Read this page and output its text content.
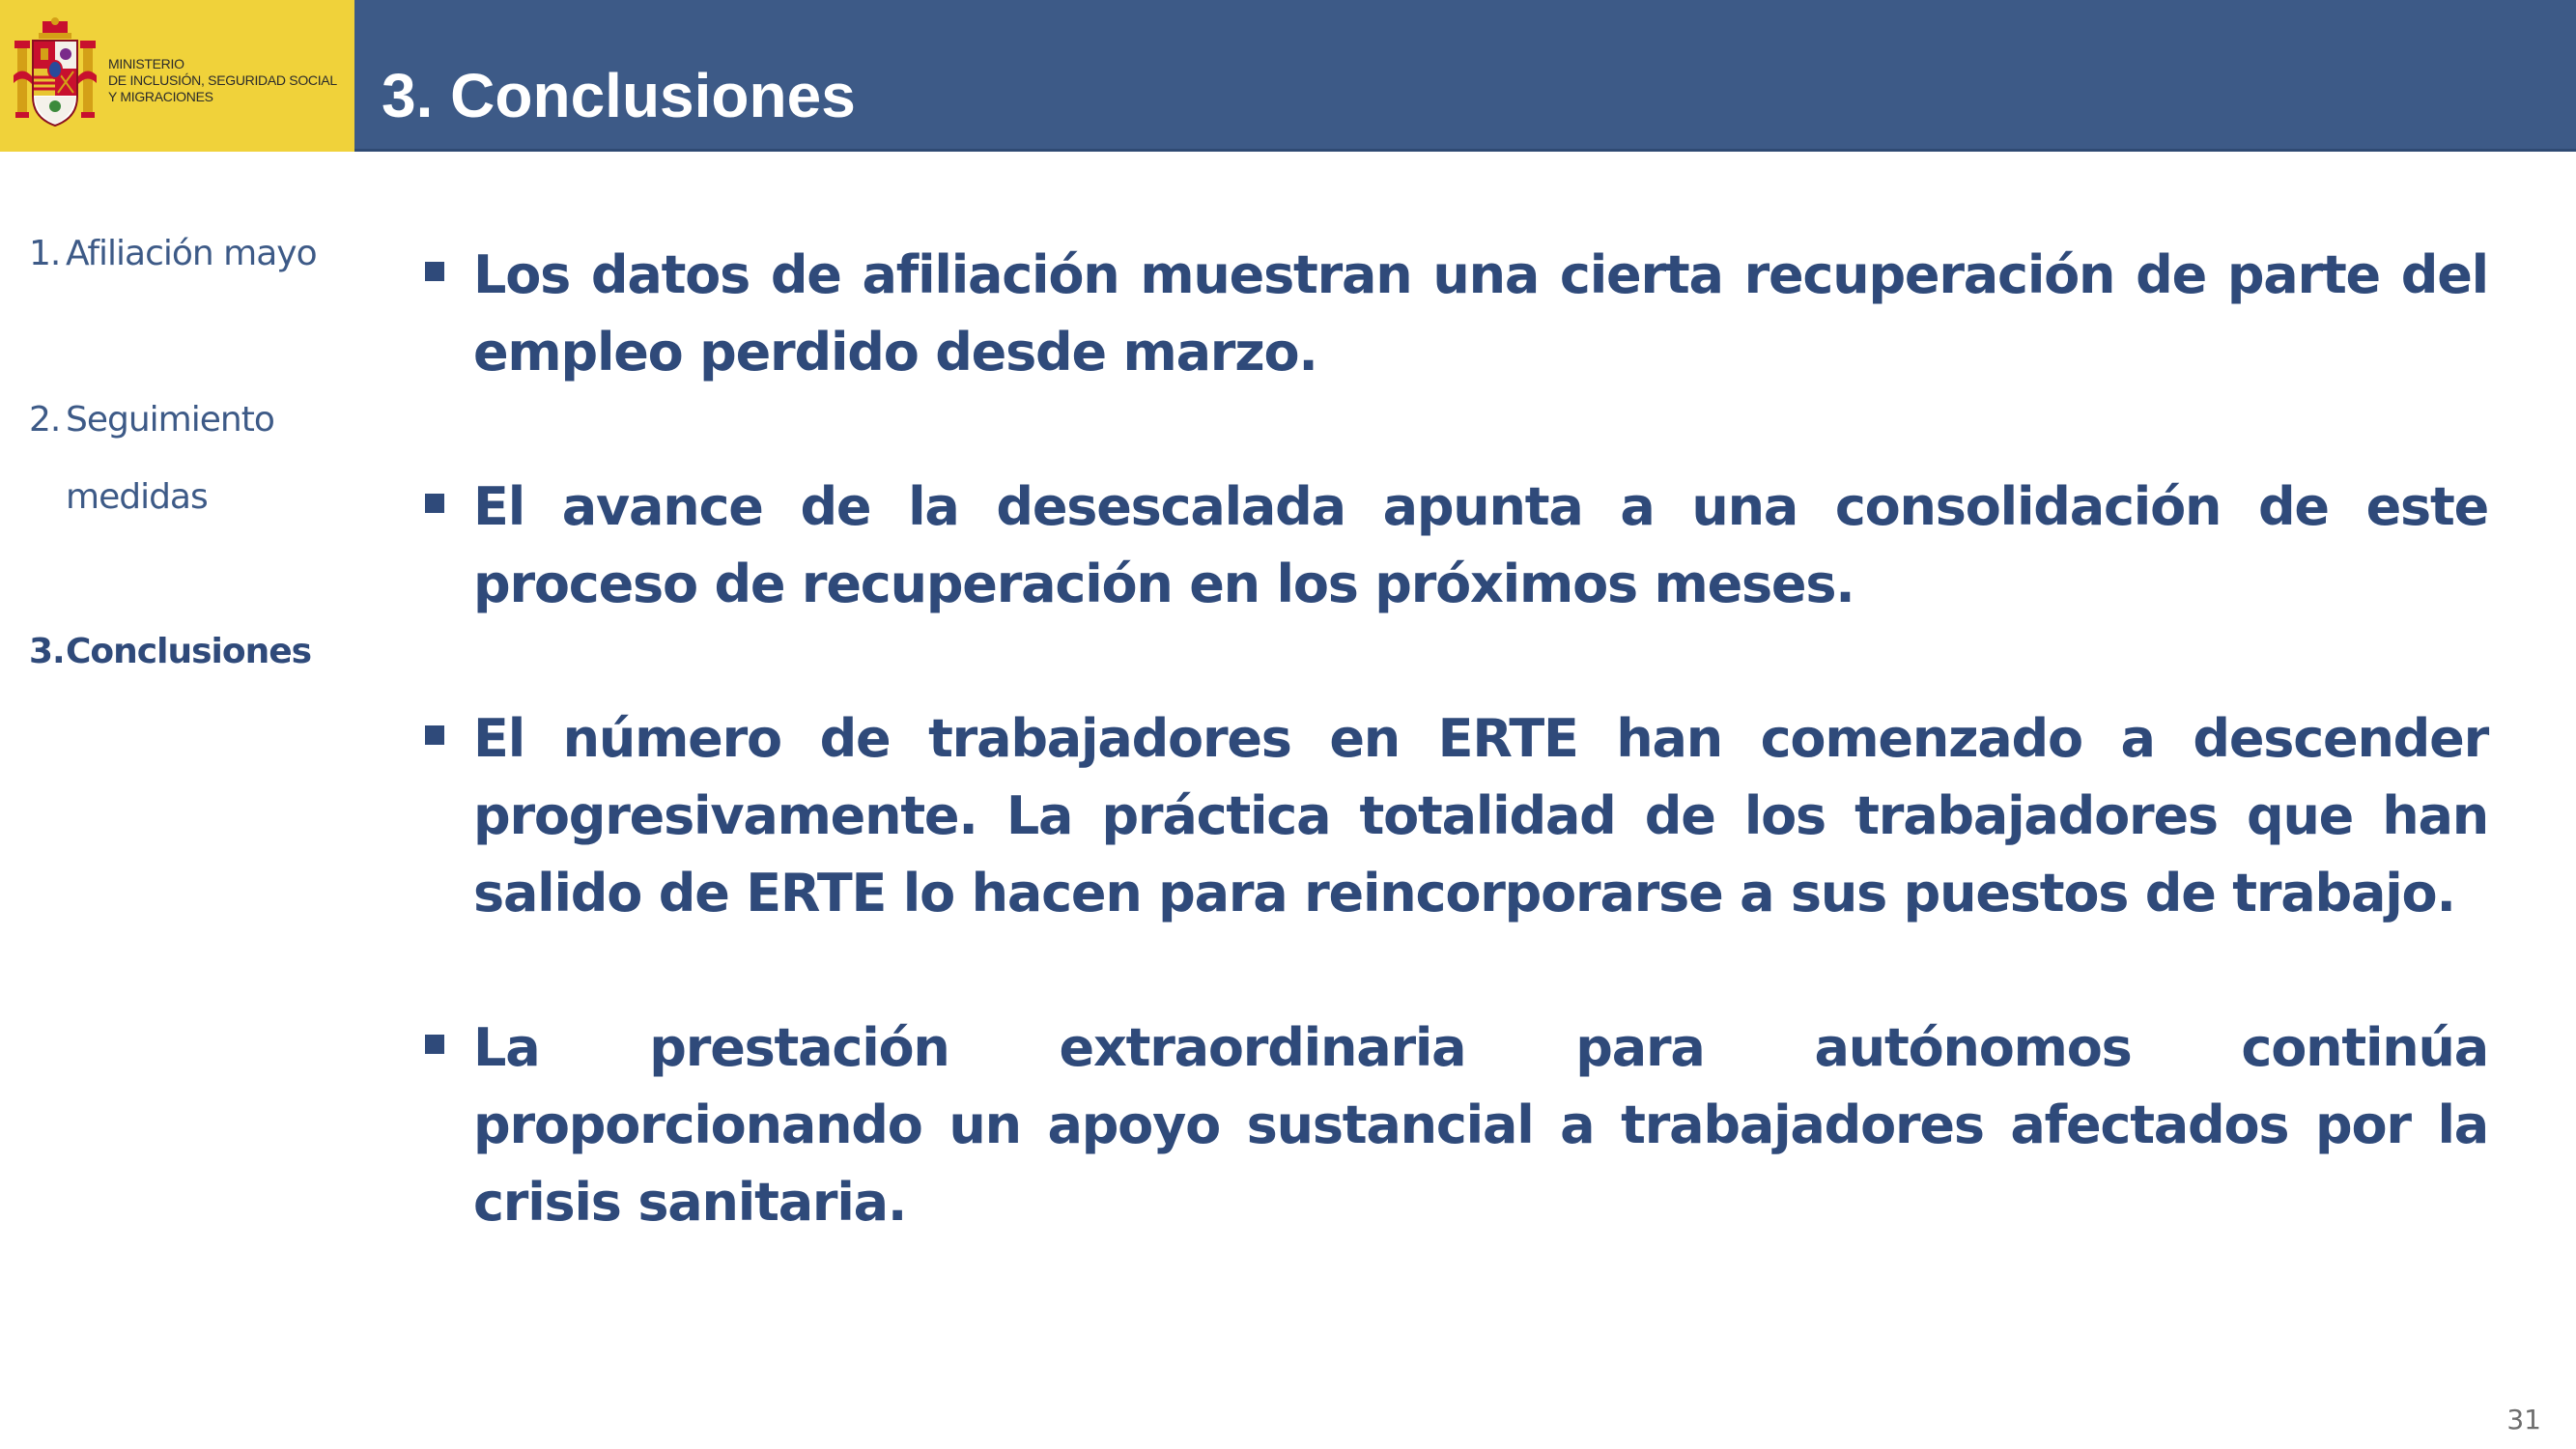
MINISTERIO
DE INCLUSIÓN, SEGURIDAD SOCIAL
Y MIGRACIONES	3. Conclusiones
1. Afiliación mayo
2. Seguimiento
medidas
3. Conclusiones
Los datos de afiliación muestran una cierta recuperación de parte del empleo perdido desde marzo.
El avance de la desescalada apunta a una consolidación de este proceso de recuperación en los próximos meses.
El número de trabajadores en ERTE han comenzado a descender progresivamente. La práctica totalidad de los trabajadores que han salido de ERTE lo hacen para reincorporarse a sus puestos de trabajo.
La prestación extraordinaria para autónomos continúa proporcionando un apoyo sustancial a trabajadores afectados por la crisis sanitaria.
31
